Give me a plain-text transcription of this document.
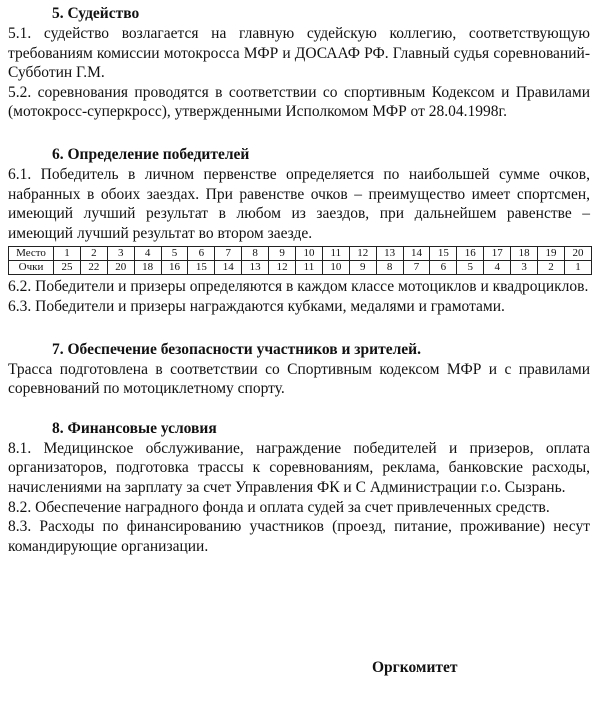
5. Судейство

5.1. судейство возлагается на главную судейскую коллегию, соответствующую требованиям комиссии мотокросса МФР и ДОСААФ РФ. Главный судья соревнований- Субботин Г.М.

5.2. соревнования проводятся в соответствии со спортивным Кодексом и Правилами (мотокросс-суперкросс), утвержденными Исполкомом МФР от 28.04.1998г.

6. Определение победителей

6.1. Победитель в личном первенстве определяется по наибольшей сумме очков, набранных в обоих заездах. При равенстве очков – преимущество имеет спортсмен, имеющий лучший результат в любом из заездов, при дальнейшем равенстве – имеющий лучший результат во втором заезде.

Место	1	2	3	4	5	6	7	8	9	10	11	12	13	14	15	16	17	18	19	20
Очки	25	22	20	18	16	15	14	13	12	11	10	9	8	7	6	5	4	3	2	1

6.2. Победители и призеры определяются в каждом классе мотоциклов и квадроциклов.

6.3. Победители и призеры награждаются кубками, медалями и грамотами.

7. Обеспечение безопасности участников и зрителей.

Трасса подготовлена в соответствии со Спортивным кодексом МФР и с правилами соревнований по мотоциклетному спорту.

8. Финансовые условия

8.1. Медицинское обслуживание, награждение победителей и призеров, оплата организаторов, подготовка трассы к соревнованиям, реклама, банковские расходы, начислениями на зарплату за счет Управления ФК и С Администрации г.о. Сызрань.

8.2. Обеспечение наградного фонда и оплата судей за счет привлеченных средств.

8.3. Расходы по финансированию участников (проезд, питание, проживание) несут командирующие организации.

Оргкомитет
